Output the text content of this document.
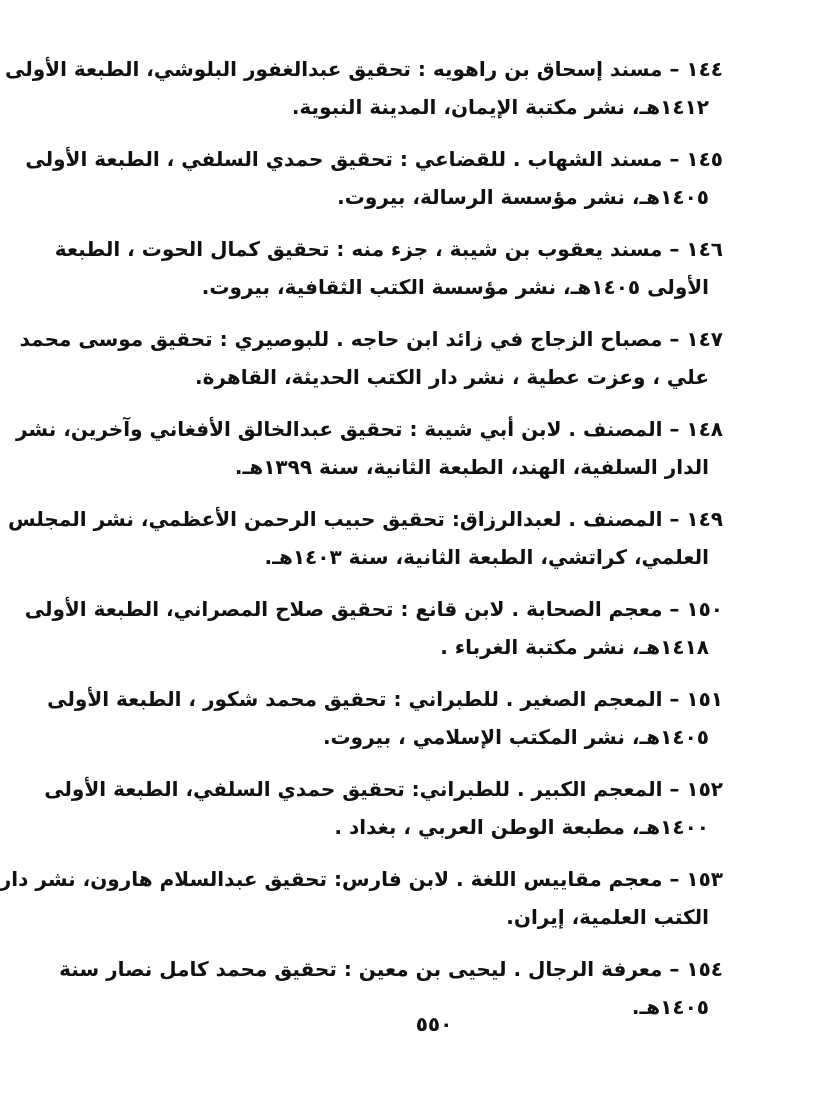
١٤٤ – مسند إسحاق بن راهويه : تحقيق عبدالغفور البلوشي، الطبعة الأولى
١٤١٢هـ، نشر مكتبة الإيمان، المدينة النبوية.
١٤٥ – مسند الشهاب . للقضاعي : تحقيق حمدي السلفي ، الطبعة الأولى
١٤٠٥هـ، نشر مؤسسة الرسالة، بيروت.
١٤٦ – مسند يعقوب بن شيبة ، جزء منه : تحقيق كمال الحوت ، الطبعة
الأولى ١٤٠٥هـ، نشر مؤسسة الكتب الثقافية، بيروت.
١٤٧ – مصباح الزجاج في زائد ابن حاجه . للبوصيري : تحقيق موسى محمد
علي ، وعزت عطية ، نشر دار الكتب الحديثة، القاهرة.
١٤٨ – المصنف . لابن أبي شيبة : تحقيق عبدالخالق الأفغاني وآخرين، نشر
الدار السلفية، الهند، الطبعة الثانية، سنة ١٣٩٩هـ.
١٤٩ – المصنف . لعبدالرزاق: تحقيق حبيب الرحمن الأعظمي، نشر المجلس
العلمي، كراتشي، الطبعة الثانية، سنة ١٤٠٣هـ.
١٥٠ – معجم الصحابة . لابن قانع : تحقيق صلاح المصراني، الطبعة الأولى
١٤١٨هـ، نشر مكتبة الغرباء .
١٥١ – المعجم الصغير . للطبراني : تحقيق محمد شكور ، الطبعة الأولى
١٤٠٥هـ، نشر المكتب الإسلامي ، بيروت.
١٥٢ – المعجم الكبير . للطبراني: تحقيق حمدي السلفي، الطبعة الأولى
١٤٠٠هـ، مطبعة الوطن العربي ، بغداد .
١٥٣ – معجم مقاييس اللغة . لابن فارس: تحقيق عبدالسلام هارون، نشر دار
الكتب العلمية، إيران.
١٥٤ – معرفة الرجال . ليحيى بن معين : تحقيق محمد كامل نصار سنة
١٤٠٥هـ.
٥٥٠
